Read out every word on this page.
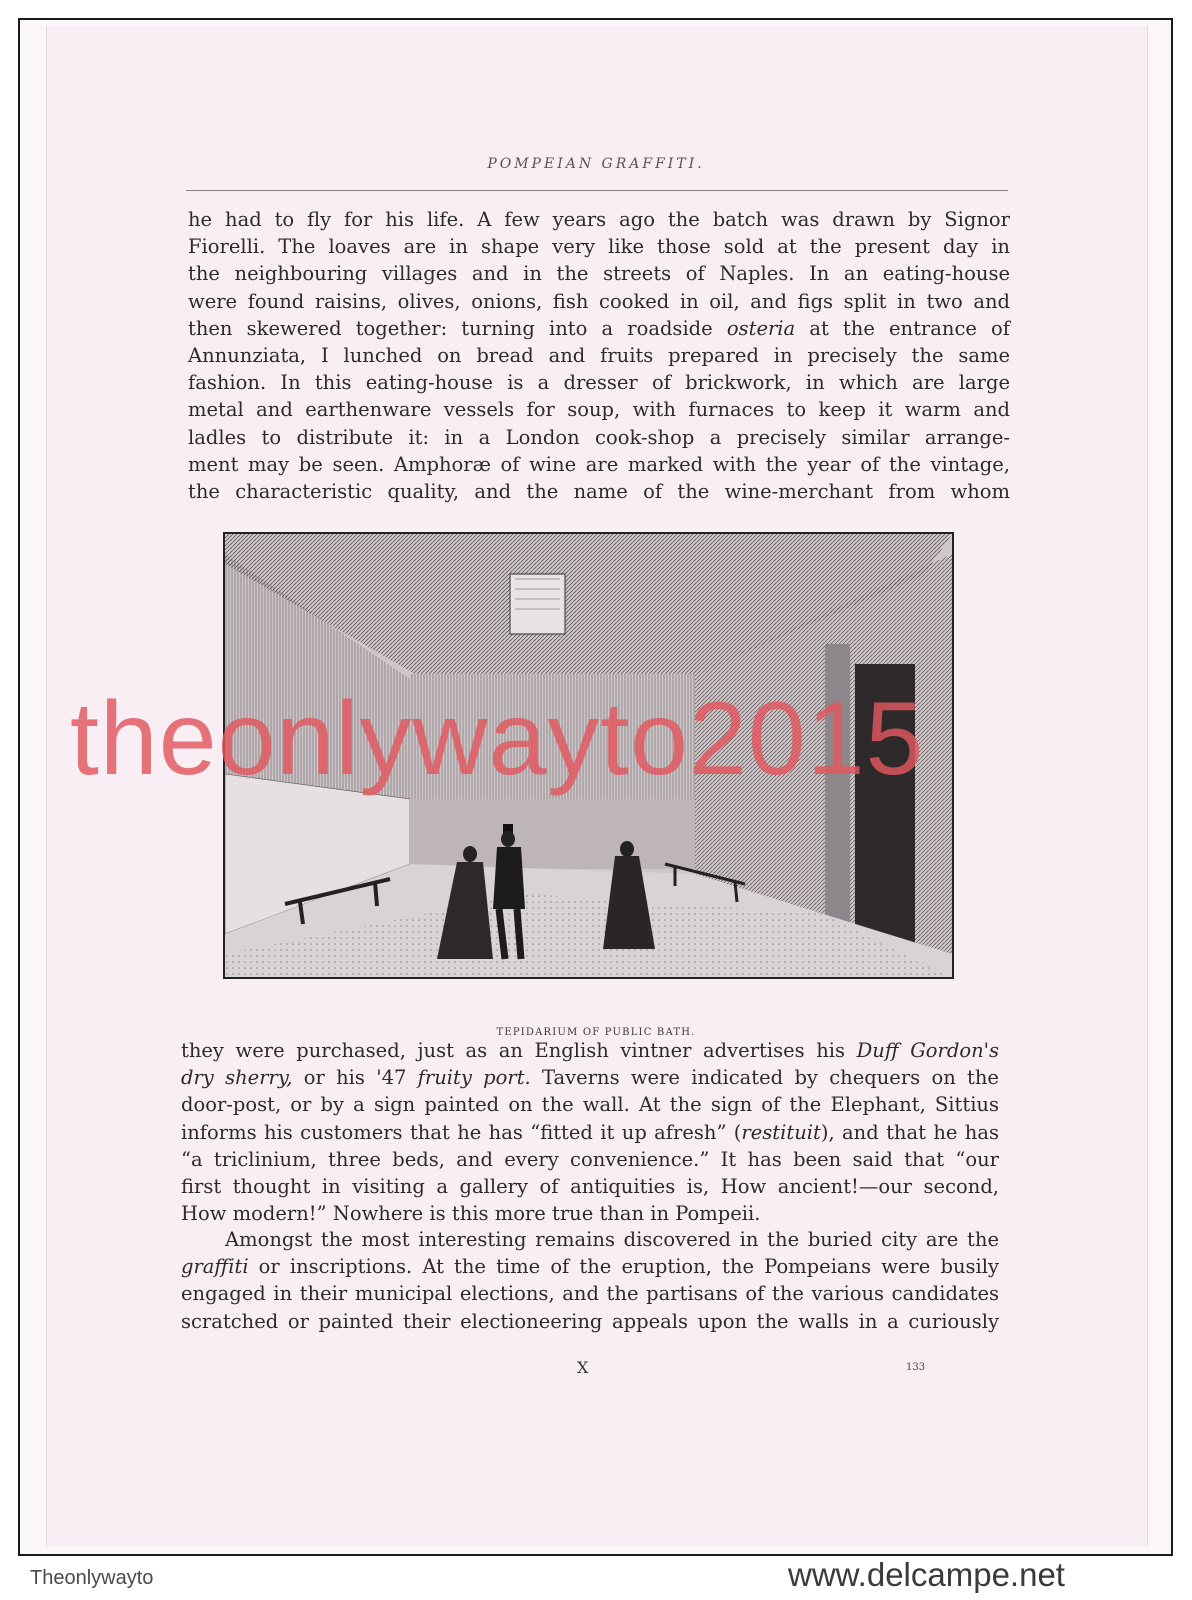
POMPEIAN GRAFFITI.
he had to fly for his life. A few years ago the batch was drawn by Signor
Fiorelli. The loaves are in shape very like those sold at the present day in
the neighbouring villages and in the streets of Naples. In an eating-house
were found raisins, olives, onions, fish cooked in oil, and figs split in two and
then skewered together: turning into a roadside osteria at the entrance of
Annunziata, I lunched on bread and fruits prepared in precisely the same
fashion. In this eating-house is a dresser of brickwork, in which are large
metal and earthenware vessels for soup, with furnaces to keep it warm and
ladles to distribute it: in a London cook-shop a precisely similar arrange-
ment may be seen. Amphoræ of wine are marked with the year of the vintage,
the characteristic quality, and the name of the wine-merchant from whom
TEPIDARIUM OF PUBLIC BATH.
they were purchased, just as an English vintner advertises his Duff Gordon's
dry sherry, or his '47 fruity port. Taverns were indicated by chequers on the
door-post, or by a sign painted on the wall. At the sign of the Elephant, Sittius
informs his customers that he has “fitted it up afresh” (restituit), and that he has
“a triclinium, three beds, and every convenience.” It has been said that “our
first thought in visiting a gallery of antiquities is, How ancient!—our second,
How modern!” Nowhere is this more true than in Pompeii.
Amongst the most interesting remains discovered in the buried city are the
graffiti or inscriptions. At the time of the eruption, the Pompeians were busily
engaged in their municipal elections, and the partisans of the various candidates
scratched or painted their electioneering appeals upon the walls in a curiously
X	133
theonlywayto2015
Theonlywayto	www.delcampe.net
